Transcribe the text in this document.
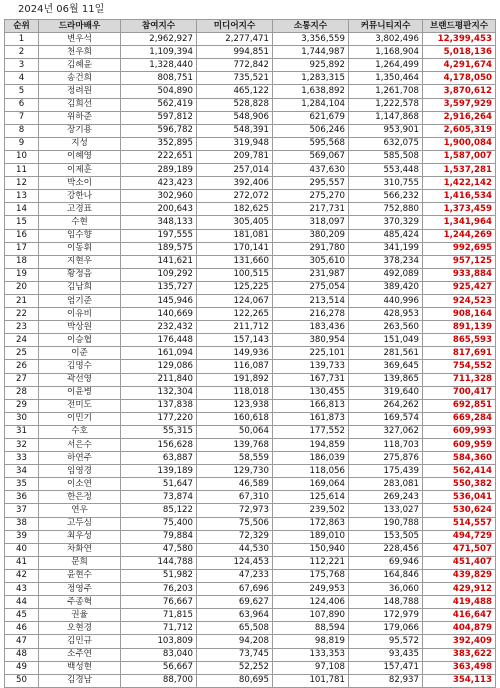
2024년 06월 11일
순위	드라마배우	참여지수	미디어지수	소통지수	커뮤니티지수	브랜드평판지수
1	변우석	2,962,927	2,277,471	3,356,559	3,802,496	12,399,453
2	천우희	1,109,394	994,851	1,744,987	1,168,904	5,018,136
3	김혜윤	1,328,440	772,842	925,892	1,264,499	4,291,674
4	송건희	808,751	735,521	1,283,315	1,350,464	4,178,050
5	정려원	504,890	465,122	1,638,892	1,261,708	3,870,612
6	김희선	562,419	528,828	1,284,104	1,222,578	3,597,929
7	위하준	597,812	548,906	621,679	1,147,868	2,916,264
8	장기용	596,782	548,391	506,246	953,901	2,605,319
9	지성	352,895	319,948	595,568	632,075	1,900,084
10	이혜영	222,651	209,781	569,067	585,508	1,587,007
11	이제훈	289,189	257,014	437,630	553,448	1,537,281
12	박소이	423,423	392,406	295,557	310,755	1,422,142
13	강한나	302,960	272,072	275,270	566,232	1,416,534
14	고경표	200,643	182,625	217,731	752,880	1,373,459
15	수현	348,133	305,405	318,097	370,329	1,341,964
16	임수향	197,555	181,081	380,209	485,424	1,244,269
17	이동휘	189,575	170,141	291,780	341,199	992,695
18	지현우	141,621	131,660	305,610	378,234	957,125
19	황정음	109,292	100,515	231,987	492,089	933,884
20	김남희	135,727	125,225	275,054	389,420	925,427
21	엄기준	145,946	124,067	213,514	440,996	924,523
22	이유비	140,669	122,265	216,278	428,953	908,164
23	박상원	232,432	211,712	183,436	263,560	891,139
24	이승협	176,448	157,143	380,954	151,049	865,593
25	이준	161,094	149,936	225,101	281,561	817,691
26	김명수	129,086	116,087	139,733	369,645	754,552
27	곽선영	211,840	191,892	167,731	139,865	711,328
28	이윤병	132,304	118,018	130,455	319,640	700,417
29	전미도	137,838	123,938	166,813	264,262	692,851
30	이민기	177,220	160,618	161,873	169,574	669,284
31	수호	55,315	50,064	177,552	327,062	609,993
32	서은수	156,628	139,768	194,859	118,703	609,959
33	하연주	63,887	58,559	186,039	275,876	584,360
34	임영경	139,189	129,730	118,056	175,439	562,414
35	이소연	51,647	46,589	169,064	283,081	550,382
36	한은정	73,874	67,310	125,614	269,243	536,041
37	연우	85,122	72,973	239,502	133,027	530,624
38	고두심	75,400	75,506	172,863	190,788	514,557
39	최우성	79,884	72,329	189,010	153,505	494,729
40	차화연	47,580	44,530	150,940	228,456	471,507
41	문희	144,788	124,453	112,221	69,946	451,407
42	윤현수	51,982	47,233	175,768	164,846	439,829
43	정영주	76,203	67,696	249,953	36,060	429,912
44	주종혁	76,667	69,627	124,406	148,788	419,488
45	권율	71,815	63,964	107,890	172,979	416,647
46	오현경	71,712	65,508	88,594	179,066	404,879
47	김민규	103,809	94,208	98,819	95,572	392,409
48	소주연	83,040	73,745	133,353	93,435	383,622
49	백성현	56,667	52,252	97,108	157,471	363,498
50	김경남	88,700	80,695	101,781	82,937	354,113
